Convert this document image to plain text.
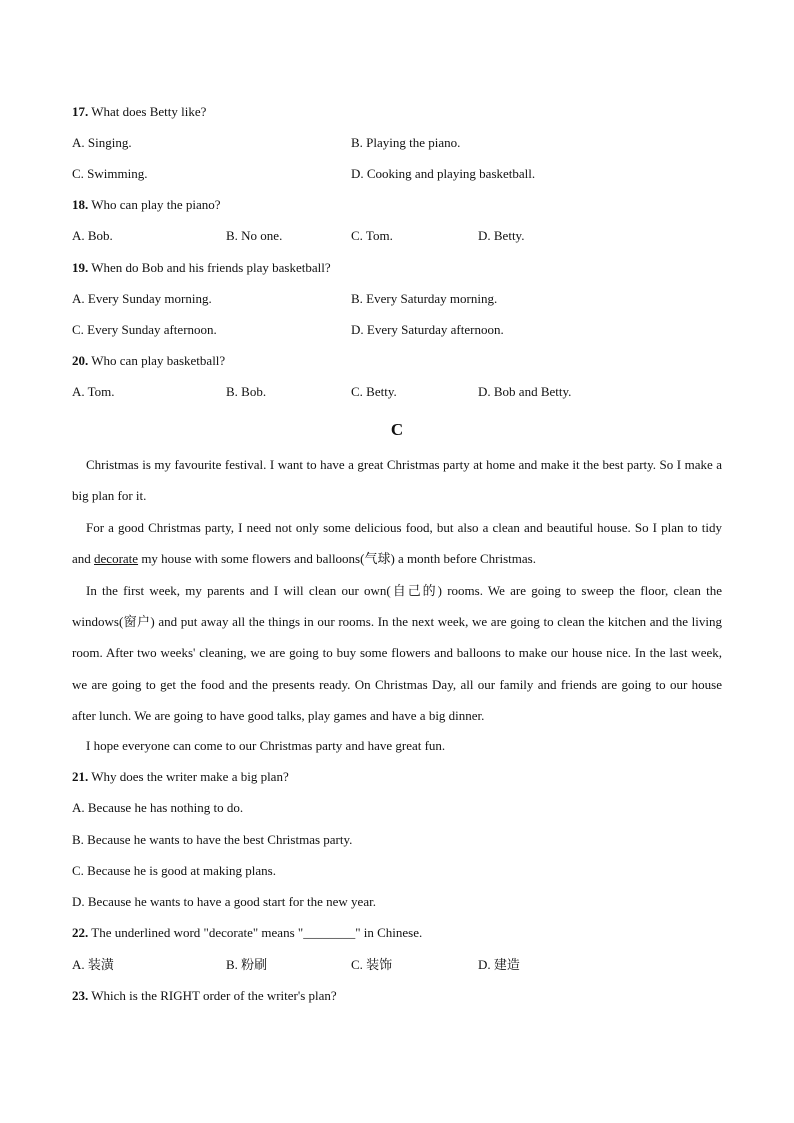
17. What does Betty like?
A. Singing.	B. Playing the piano.
C. Swimming.	D. Cooking and playing basketball.
18. Who can play the piano?
A. Bob.	B. No one.	C. Tom.	D. Betty.
19. When do Bob and his friends play basketball?
A. Every Sunday morning.	B. Every Saturday morning.
C. Every Sunday afternoon.	D. Every Saturday afternoon.
20. Who can play basketball?
A. Tom.	B. Bob.	C. Betty.	D. Bob and Betty.
C
Christmas is my favourite festival. I want to have a great Christmas party at home and make it the best party. So I make a big plan for it.
For a good Christmas party, I need not only some delicious food, but also a clean and beautiful house. So I plan to tidy and decorate my house with some flowers and balloons(气球) a month before Christmas.
In the first week, my parents and I will clean our own(自己的) rooms. We are going to sweep the floor, clean the windows(窗户) and put away all the things in our rooms. In the next week, we are going to clean the kitchen and the living room. After two weeks' cleaning, we are going to buy some flowers and balloons to make our house nice. In the last week, we are going to get the food and the presents ready. On Christmas Day, all our family and friends are going to our house after lunch. We are going to have good talks, play games and have a big dinner.
I hope everyone can come to our Christmas party and have great fun.
21. Why does the writer make a big plan?
A. Because he has nothing to do.
B. Because he wants to have the best Christmas party.
C. Because he is good at making plans.
D. Because he wants to have a good start for the new year.
22. The underlined word "decorate" means "________" in Chinese.
A. 装潢	B. 粉刷	C. 装饰	D. 建造
23. Which is the RIGHT order of the writer's plan?
